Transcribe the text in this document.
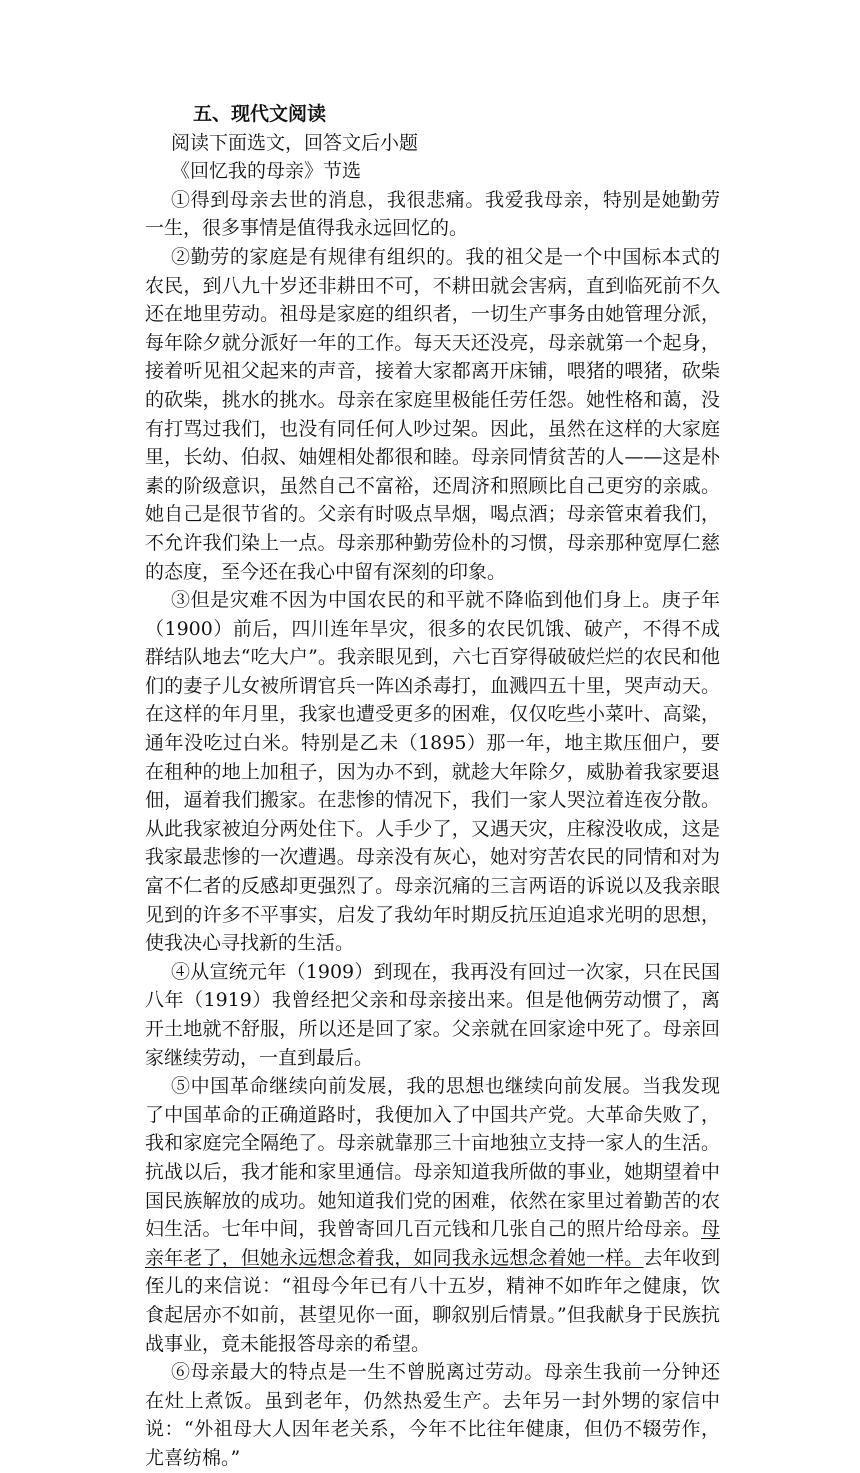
五、现代文阅读

阅读下面选文，回答文后小题

《回忆我的母亲》节选

①得到母亲去世的消息，我很悲痛。我爱我母亲，特别是她勤劳一生，很多事情是值得我永远回忆的。

②勤劳的家庭是有规律有组织的。我的祖父是一个中国标本式的农民，到八九十岁还非耕田不可，不耕田就会害病，直到临死前不久还在地里劳动。祖母是家庭的组织者，一切生产事务由她管理分派，每年除夕就分派好一年的工作。每天天还没亮，母亲就第一个起身，接着听见祖父起来的声音，接着大家都离开床铺，喂猪的喂猪，砍柴的砍柴，挑水的挑水。母亲在家庭里极能任劳任怨。她性格和蔼，没有打骂过我们，也没有同任何人吵过架。因此，虽然在这样的大家庭里，长幼、伯叔、妯娌相处都很和睦。母亲同情贫苦的人——这是朴素的阶级意识，虽然自己不富裕，还周济和照顾比自己更穷的亲戚。她自己是很节省的。父亲有时吸点旱烟，喝点酒；母亲管束着我们，不允许我们染上一点。母亲那种勤劳俭朴的习惯，母亲那种宽厚仁慈的态度，至今还在我心中留有深刻的印象。

③但是灾难不因为中国农民的和平就不降临到他们身上。庚子年（1900）前后，四川连年旱灾，很多的农民饥饿、破产，不得不成群结队地去“吃大户”。我亲眼见到，六七百穿得破破烂烂的农民和他们的妻子儿女被所谓官兵一阵凶杀毒打，血溅四五十里，哭声动天。在这样的年月里，我家也遭受更多的困难，仅仅吃些小菜叶、高粱，通年没吃过白米。特别是乙未（1895）那一年，地主欺压佃户，要在租种的地上加租子，因为办不到，就趁大年除夕，威胁着我家要退佃，逼着我们搬家。在悲惨的情况下，我们一家人哭泣着连夜分散。从此我家被迫分两处住下。人手少了，又遇天灾，庄稼没收成，这是我家最悲惨的一次遭遇。母亲没有灰心，她对穷苦农民的同情和对为富不仁者的反感却更强烈了。母亲沉痛的三言两语的诉说以及我亲眼见到的许多不平事实，启发了我幼年时期反抗压迫追求光明的思想，使我决心寻找新的生活。

④从宣统元年（1909）到现在，我再没有回过一次家，只在民国八年（1919）我曾经把父亲和母亲接出来。但是他俩劳动惯了，离开土地就不舒服，所以还是回了家。父亲就在回家途中死了。母亲回家继续劳动，一直到最后。

⑤中国革命继续向前发展，我的思想也继续向前发展。当我发现了中国革命的正确道路时，我便加入了中国共产党。大革命失败了，我和家庭完全隔绝了。母亲就靠那三十亩地独立支持一家人的生活。抗战以后，我才能和家里通信。母亲知道我所做的事业，她期望着中国民族解放的成功。她知道我们党的困难，依然在家里过着勤苦的农妇生活。七年中间，我曾寄回几百元钱和几张自己的照片给母亲。母亲年老了，但她永远想念着我，如同我永远想念着她一样。去年收到侄儿的来信说：“祖母今年已有八十五岁，精神不如昨年之健康，饮食起居亦不如前，甚望见你一面，聊叙别后情景。”但我献身于民族抗战事业，竟未能报答母亲的希望。

⑥母亲最大的特点是一生不曾脱离过劳动。母亲生我前一分钟还在灶上煮饭。虽到老年，仍然热爱生产。去年另一封外甥的家信中说：“外祖母大人因年老关系，今年不比往年健康，但仍不辍劳作，尤喜纺棉。”
